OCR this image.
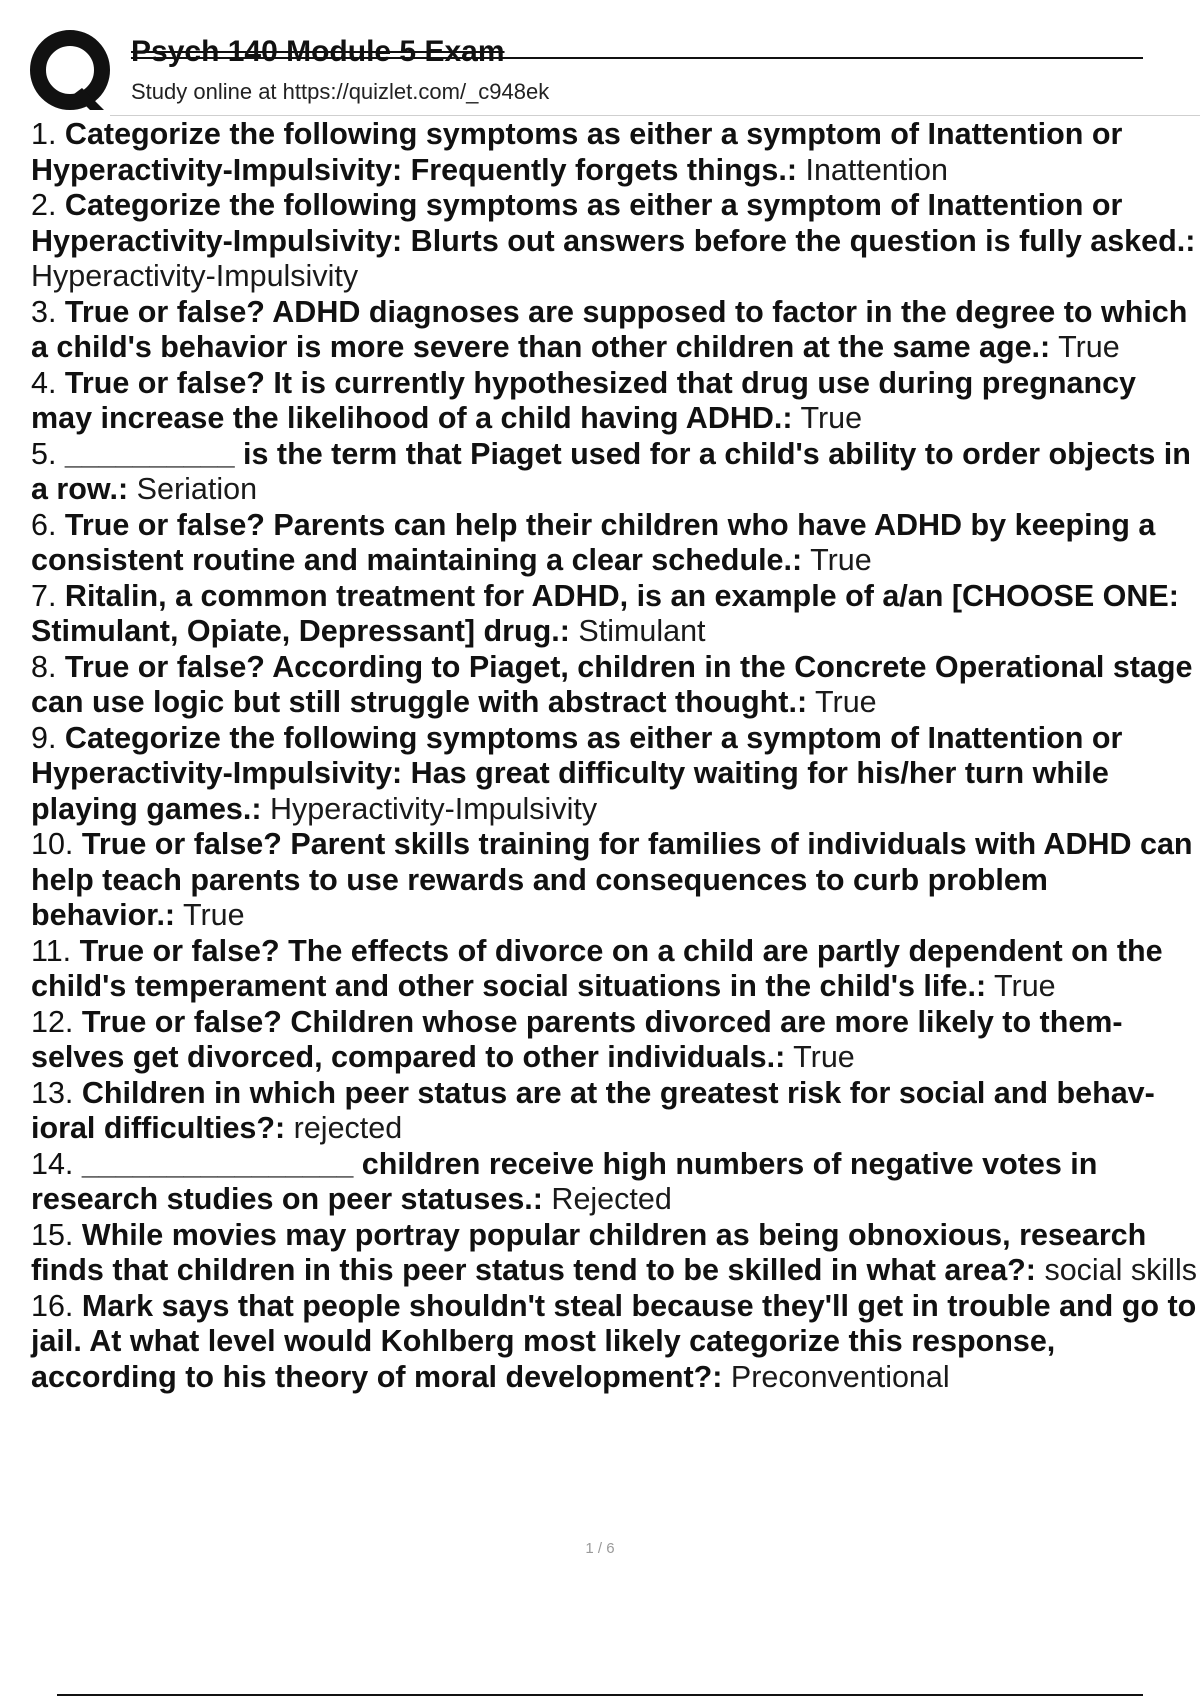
Psych 140 Module 5 Exam
Study online at https://quizlet.com/_c948ek
1. Categorize the following symptoms as either a symptom of Inattention or Hyperactivity-Impulsivity: Frequently forgets things.: Inattention
2. Categorize the following symptoms as either a symptom of Inattention or Hyperactivity-Impulsivity: Blurts out answers before the question is fully asked.: Hyperactivity-Impulsivity
3. True or false? ADHD diagnoses are supposed to factor in the degree to which a child's behavior is more severe than other children at the same age.: True
4. True or false? It is currently hypothesized that drug use during pregnancy may increase the likelihood of a child having ADHD.: True
5. __________ is the term that Piaget used for a child's ability to order objects in a row.: Seriation
6. True or false? Parents can help their children who have ADHD by keeping a consistent routine and maintaining a clear schedule.: True
7. Ritalin, a common treatment for ADHD, is an example of a/an [CHOOSE ONE: Stimulant, Opiate, Depressant] drug.: Stimulant
8. True or false? According to Piaget, children in the Concrete Operational stage can use logic but still struggle with abstract thought.: True
9. Categorize the following symptoms as either a symptom of Inattention or Hyperactivity-Impulsivity: Has great difficulty waiting for his/her turn while playing games.: Hyperactivity-Impulsivity
10. True or false? Parent skills training for families of individuals with ADHD can help teach parents to use rewards and consequences to curb problem behavior.: True
11. True or false? The effects of divorce on a child are partly dependent on the child's temperament and other social situations in the child's life.: True
12. True or false? Children whose parents divorced are more likely to them- selves get divorced, compared to other individuals.: True
13. Children in which peer status are at the greatest risk for social and behav- ioral difficulties?: rejected
14. ________________ children receive high numbers of negative votes in research studies on peer statuses.: Rejected
15. While movies may portray popular children as being obnoxious, research finds that children in this peer status tend to be skilled in what area?: social skills
16. Mark says that people shouldn't steal because they'll get in trouble and go to jail. At what level would Kohlberg most likely categorize this response, according to his theory of moral development?: Preconventional
1 / 6
